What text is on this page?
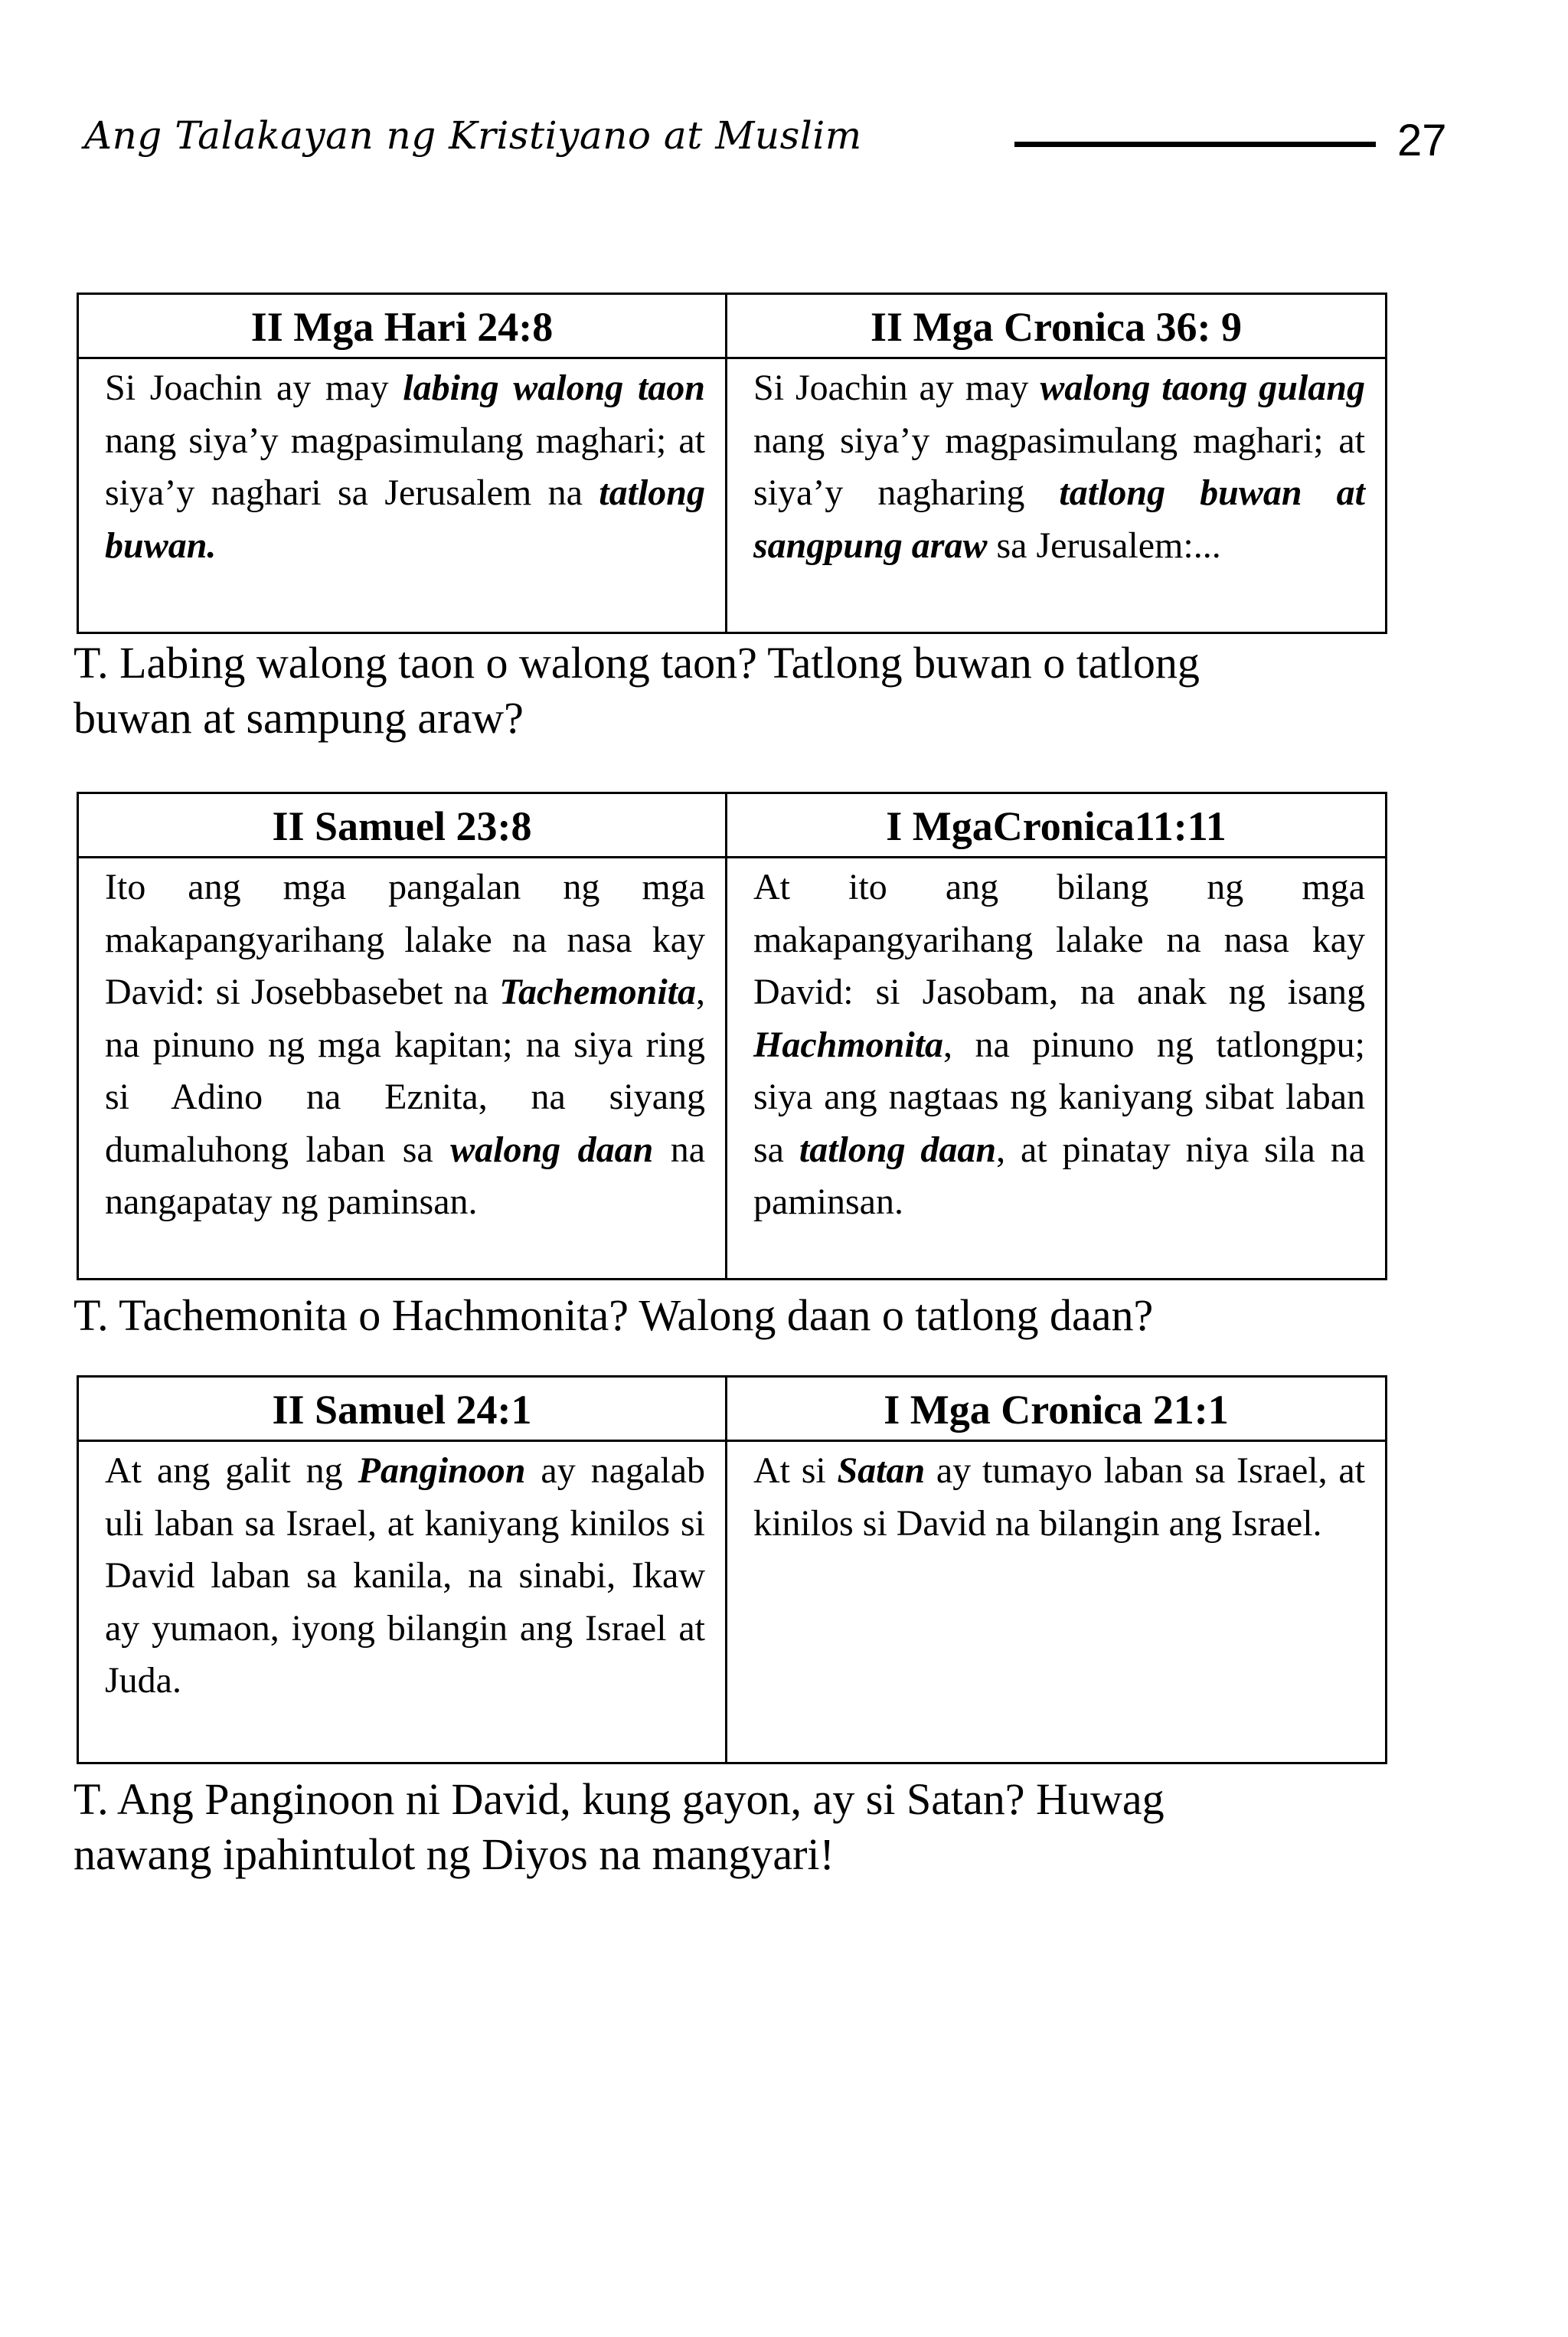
Ang Talakayan ng Kristiyano at Muslim	27
II Mga Hari 24:8
Si Joachin ay may labing walong taon nang siya’y magpasimulang maghari; at siya’y naghari sa Jerusalem na tatlong buwan.
II Mga Cronica 36: 9
Si Joachin ay may walong taong gulang nang siya’y magpasimulang maghari; at siya’y nagharing tatlong buwan at sangpung araw sa Jerusalem:...
T. Labing walong taon o walong taon? Tatlong buwan o tatlong
buwan at sampung araw?
II Samuel 23:8
Ito ang mga pangalan ng mga makapangyarihang lalake na nasa kay David: si Josebbasebet na Tachemonita, na pinuno ng mga kapitan; na siya ring si Adino na Eznita, na siyang dumaluhong laban sa walong daan na nangapatay ng paminsan.
I MgaCronica11:11
At ito ang bilang ng mga makapangyarihang lalake na nasa kay David: si Jasobam, na anak ng isang Hachmonita, na pinuno ng tatlongpu; siya ang nagtaas ng kaniyang sibat laban sa tatlong daan, at pinatay niya sila na paminsan.
T. Tachemonita o Hachmonita? Walong daan o tatlong daan?
II Samuel 24:1
At ang galit ng Panginoon ay nagalab uli laban sa Israel, at kaniyang kinilos si David laban sa kanila, na sinabi, Ikaw ay yumaon, iyong bilangin ang Israel at Juda.
I Mga Cronica 21:1
At si Satan ay tumayo laban sa Israel, at kinilos si David na bilangin ang Israel.
T. Ang Panginoon ni David, kung gayon, ay si Satan? Huwag
nawang ipahintulot ng Diyos na mangyari!
